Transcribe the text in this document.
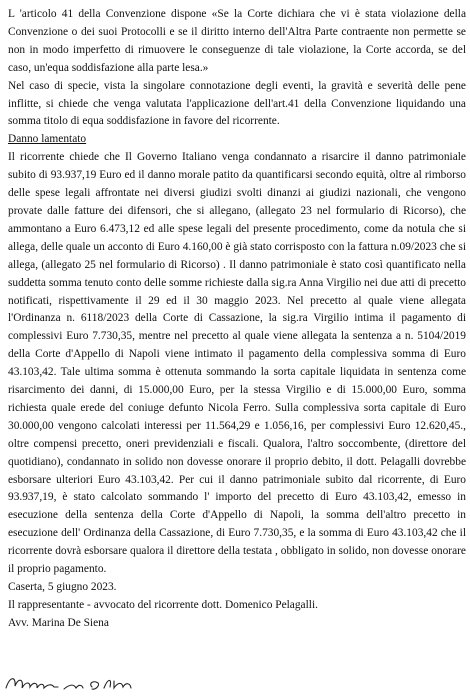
L 'articolo 41 della Convenzione dispone «Se la Corte dichiara che vi è stata violazione della Convenzione o dei suoi Protocolli e se il diritto interno dell'Altra Parte contraente non permette se non in modo imperfetto di rimuovere le conseguenze di tale violazione, la Corte accorda, se del caso, un'equa soddisfazione alla parte lesa.»

Nel caso di specie, vista la singolare connotazione degli eventi, la gravità e severità delle pene inflitte, si chiede che venga valutata l'applicazione dell'art.41 della Convenzione liquidando una somma titolo di equa soddisfazione in favore del ricorrente.

Danno lamentato

Il ricorrente chiede che Il Governo Italiano venga condannato a risarcire il danno patrimoniale subito di 93.937,19 Euro ed il danno morale patito da quantificarsi secondo equità, oltre al rimborso delle spese legali affrontate nei diversi giudizi svolti dinanzi ai giudizi nazionali, che vengono provate dalle fatture dei difensori, che si allegano, (allegato 23 nel formulario di Ricorso), che ammontano a Euro 6.473,12 ed alle spese legali del presente procedimento, come da notula che si allega, delle quale un acconto di Euro 4.160,00 è già stato corrisposto con la fattura n.09/2023 che si allega, (allegato 25 nel formulario di Ricorso) . Il danno patrimoniale è stato così quantificato nella suddetta somma tenuto conto delle somme richieste dalla sig.ra Anna Virgilio nei due atti di precetto notificati, rispettivamente il 29 ed il 30 maggio 2023. Nel precetto al quale viene allegata l'Ordinanza n. 6118/2023 della Corte di Cassazione, la sig.ra Virgilio intima il pagamento di complessivi Euro 7.730,35, mentre nel precetto al quale viene allegata la sentenza a n. 5104/2019 della Corte d'Appello di Napoli viene intimato il pagamento della complessiva somma di Euro 43.103,42. Tale ultima somma è ottenuta sommando la sorta capitale liquidata in sentenza come risarcimento dei danni, di 15.000,00 Euro, per la stessa Virgilio e di 15.000,00 Euro, somma richiesta quale erede del coniuge defunto Nicola Ferro. Sulla complessiva sorta capitale di Euro 30.000,00 vengono calcolati interessi per 11.564,29 e 1.056,16, per complessivi Euro 12.620,45., oltre compensi precetto, oneri previdenziali e fiscali. Qualora, l'altro soccombente, (direttore del quotidiano), condannato in solido non dovesse onorare il proprio debito, il dott. Pelagalli dovrebbe esborsare ulteriori Euro 43.103,42. Per cui il danno patrimoniale subito dal ricorrente, di Euro 93.937,19, è stato calcolato sommando l' importo del precetto di Euro 43.103,42, emesso in esecuzione della sentenza della Corte d'Appello di Napoli, la somma dell'altro precetto in esecuzione dell' Ordinanza della Cassazione, di Euro 7.730,35, e la somma di Euro 43.103,42 che il ricorrente dovrà esborsare qualora il direttore della testata , obbligato in solido, non dovesse onorare il proprio pagamento.

Caserta, 5 giugno 2023.

Il rappresentante - avvocato del ricorrente dott. Domenico Pelagalli.

Avv. Marina De Siena
